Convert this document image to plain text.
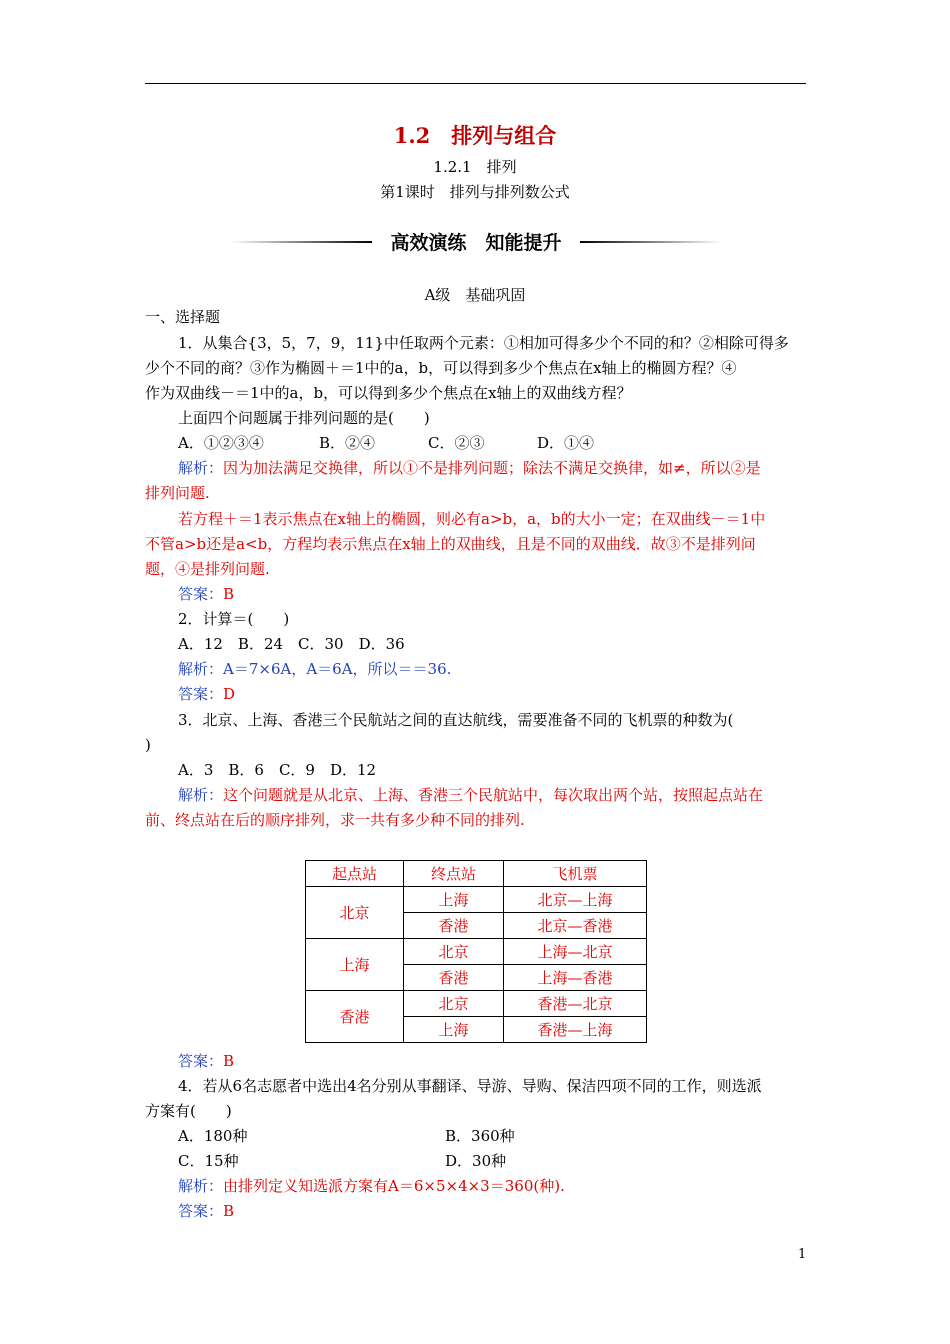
1.2　排列与组合
1.2.1　排列
第1课时　排列与排列数公式
高效演练　知能提升
A级　基础巩固
一、选择题
1．从集合{3，5，7，9，11}中任取两个元素：①相加可得多少个不同的和？②相除可得多
少个不同的商？③作为椭圆＋＝1中的a，b，可以得到多少个焦点在x轴上的椭圆方程？④
作为双曲线－＝1中的a，b，可以得到多少个焦点在x轴上的双曲线方程？
上面四个问题属于排列问题的是(　　)
A．①②③④	B．②④	C．②③	D．①④
解析：因为加法满足交换律，所以①不是排列问题；除法不满足交换律，如≠，所以②是
排列问题.
若方程＋＝1表示焦点在x轴上的椭圆，则必有a>b，a，b的大小一定；在双曲线－＝1中
不管a>b还是a<b，方程均表示焦点在x轴上的双曲线，且是不同的双曲线．故③不是排列问
题，④是排列问题.
答案：B
2．计算＝(　　)
A．12　B．24　C．30　D．36
解析：A＝7×6A，A＝6A，所以＝＝36.
答案：D
3．北京、上海、香港三个民航站之间的直达航线，需要准备不同的飞机票的种数为(
)
A．3　B．6　C．9　D．12
解析：这个问题就是从北京、上海、香港三个民航站中，每次取出两个站，按照起点站在
前、终点站在后的顺序排列，求一共有多少种不同的排列.
起点站	终点站	飞机票
北京	上海	北京—上海
	香港	北京—香港
上海	北京	上海—北京
	香港	上海—香港
香港	北京	香港—北京
	上海	香港—上海
答案：B
4．若从6名志愿者中选出4名分别从事翻译、导游、导购、保洁四项不同的工作，则选派
方案有(　　)
A．180种	B．360种
C．15种	D．30种
解析：由排列定义知选派方案有A＝6×5×4×3＝360(种).
答案：B
1
